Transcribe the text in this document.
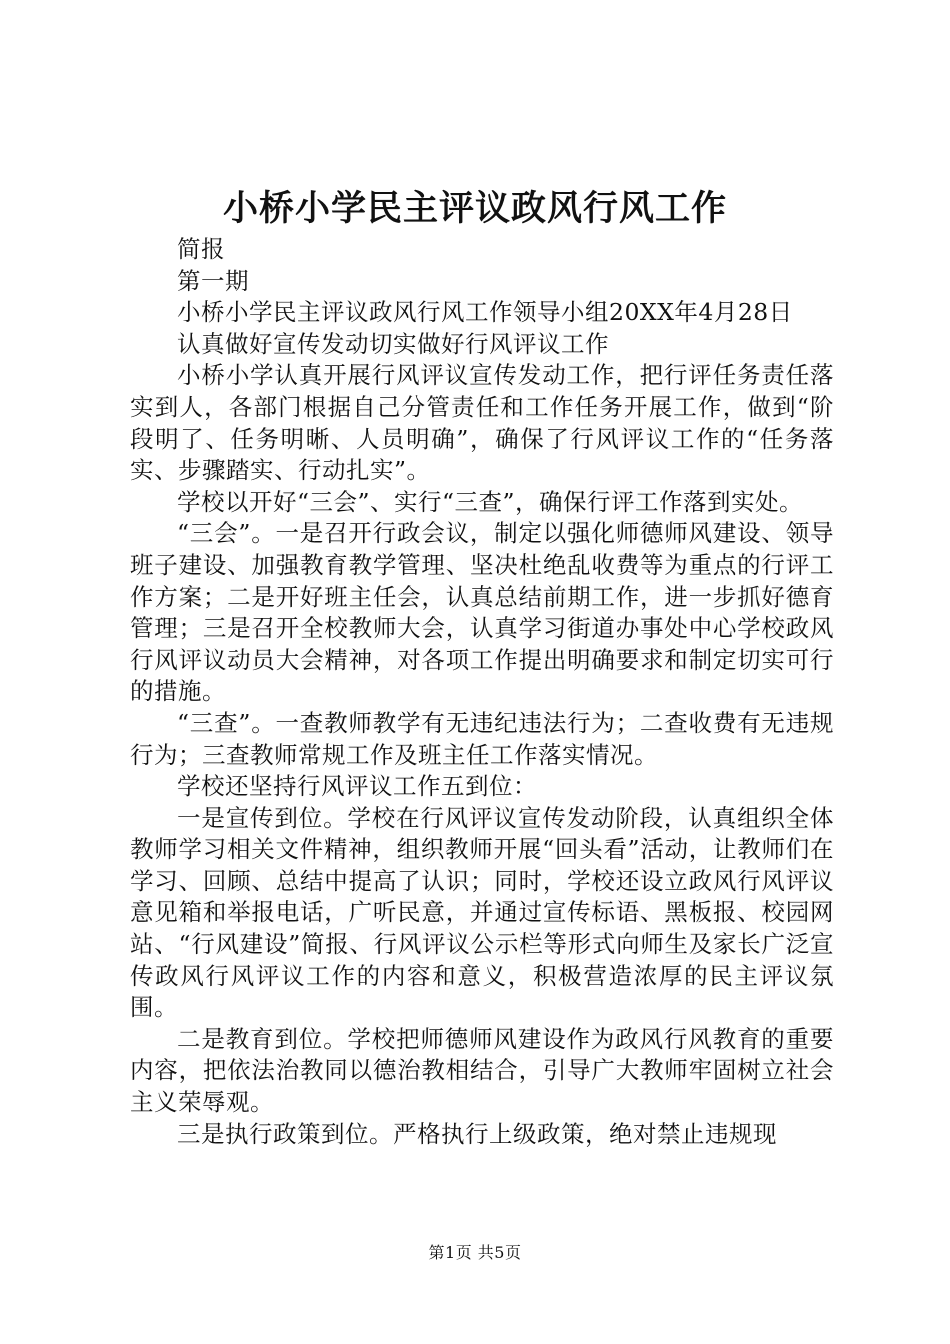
小桥小学民主评议政风行风工作

简报

第一期

小桥小学民主评议政风行风工作领导小组20XX年4月28日

认真做好宣传发动切实做好行风评议工作

小桥小学认真开展行风评议宣传发动工作，把行评任务责任落实到人，各部门根据自己分管责任和工作任务开展工作，做到“阶段明了、任务明晰、人员明确”，确保了行风评议工作的“任务落实、步骤踏实、行动扎实”。

学校以开好“三会”、实行“三查”，确保行评工作落到实处。

“三会”。一是召开行政会议，制定以强化师德师风建设、领导班子建设、加强教育教学管理、坚决杜绝乱收费等为重点的行评工作方案；二是开好班主任会，认真总结前期工作，进一步抓好德育管理；三是召开全校教师大会，认真学习街道办事处中心学校政风行风评议动员大会精神，对各项工作提出明确要求和制定切实可行的措施。

“三查”。一查教师教学有无违纪违法行为；二查收费有无违规行为；三查教师常规工作及班主任工作落实情况。

学校还坚持行风评议工作五到位：

一是宣传到位。学校在行风评议宣传发动阶段，认真组织全体教师学习相关文件精神，组织教师开展“回头看”活动，让教师们在学习、回顾、总结中提高了认识；同时，学校还设立政风行风评议意见箱和举报电话，广听民意，并通过宣传标语、黑板报、校园网站、“行风建设”简报、行风评议公示栏等形式向师生及家长广泛宣传政风行风评议工作的内容和意义，积极营造浓厚的民主评议氛围。

二是教育到位。学校把师德师风建设作为政风行风教育的重要内容，把依法治教同以德治教相结合，引导广大教师牢固树立社会主义荣辱观。

三是执行政策到位。严格执行上级政策，绝对禁止违规现

第1页 共5页
